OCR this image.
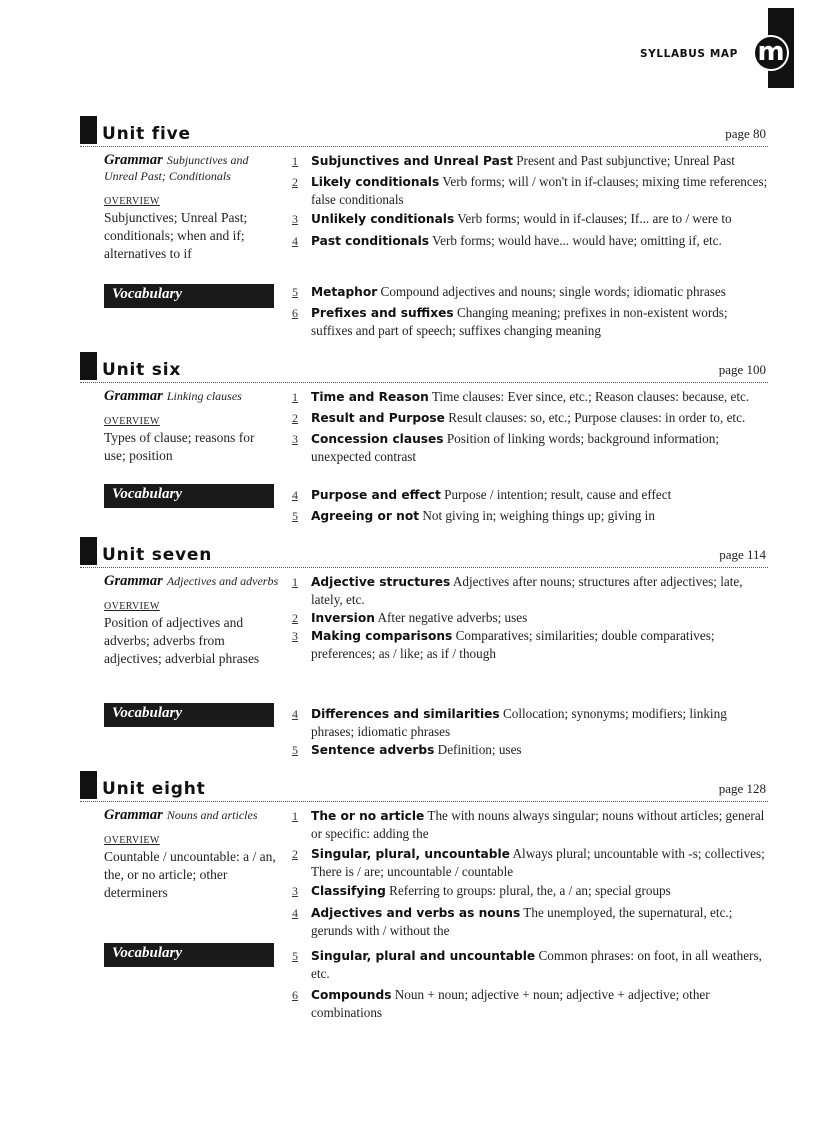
SYLLABUS MAP m
Unit five	page 80
Grammar Subjunctives and Unreal Past; Conditionals
OVERVIEW
Subjunctives; Unreal Past; conditionals; when and if; alternatives to if
Vocabulary
1	Subjunctives and Unreal Past Present and Past subjunctive; Unreal Past
2	Likely conditionals Verb forms; will / won't in if-clauses; mixing time references; false conditionals
3	Unlikely conditionals Verb forms; would in if-clauses; If... are to / were to
4	Past conditionals Verb forms; would have... would have; omitting if, etc.
5	Metaphor Compound adjectives and nouns; single words; idiomatic phrases
6	Prefixes and suffixes Changing meaning; prefixes in non-existent words; suffixes and part of speech; suffixes changing meaning
Unit six	page 100
Grammar Linking clauses
OVERVIEW
Types of clause; reasons for use; position
Vocabulary
1	Time and Reason Time clauses: Ever since, etc.; Reason clauses: because, etc.
2	Result and Purpose Result clauses: so, etc.; Purpose clauses: in order to, etc.
3	Concession clauses Position of linking words; background information; unexpected contrast
4	Purpose and effect Purpose / intention; result, cause and effect
5	Agreeing or not Not giving in; weighing things up; giving in
Unit seven	page 114
Grammar Adjectives and adverbs
OVERVIEW
Position of adjectives and adverbs; adverbs from adjectives; adverbial phrases
Vocabulary
1	Adjective structures Adjectives after nouns; structures after adjectives; late, lately, etc.
2	Inversion After negative adverbs; uses
3	Making comparisons Comparatives; similarities; double comparatives; preferences; as / like; as if / though
4	Differences and similarities Collocation; synonyms; modifiers; linking phrases; idiomatic phrases
5	Sentence adverbs Definition; uses
Unit eight	page 128
Grammar Nouns and articles
OVERVIEW
Countable / uncountable: a / an, the, or no article; other determiners
Vocabulary
1	The or no article The with nouns always singular; nouns without articles; general or specific: adding the
2	Singular, plural, uncountable Always plural; uncountable with -s; collectives; There is / are; uncountable / countable
3	Classifying Referring to groups: plural, the, a / an; special groups
4	Adjectives and verbs as nouns The unemployed, the supernatural, etc.; gerunds with / without the
5	Singular, plural and uncountable Common phrases: on foot, in all weathers, etc.
6	Compounds Noun + noun; adjective + noun; adjective + adjective; other combinations
